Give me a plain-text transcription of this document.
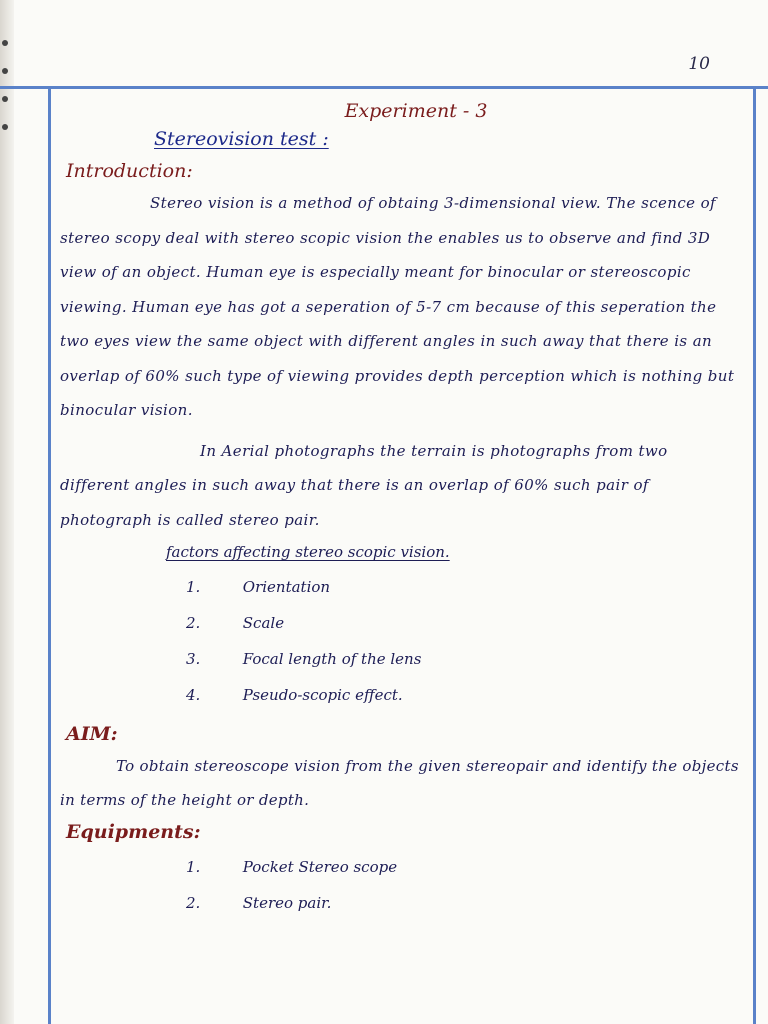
10
Experiment - 3
Stereovision test :
Introduction:

Stereo vision is a method of obtaing 3-dimensional view. The scence of stereo scopy deal with stereo scopic vision the enables us to observe and find 3D view of an object. Human eye is especially meant for binocular or stereoscopic viewing. Human eye has got a seperation of 5-7 cm because of this seperation the two eyes view the same object with different angles in such away that there is an overlap of 60% such type of viewing provides depth perception which is nothing but binocular vision.

In Aerial photographs the terrain is photographs from two different angles in such away that there is an overlap of 60% such pair of photograph is called stereo pair.

factors affecting stereo scopic vision.
1.	Orientation
2.	Scale
3.	Focal length of the lens
4.	Pseudo-scopic effect.
AIM:

To obtain stereoscope vision from the given stereopair and identify the objects in terms of the height or depth.

Equipments:
1.	Pocket Stereo scope
2.	Stereo pair.
